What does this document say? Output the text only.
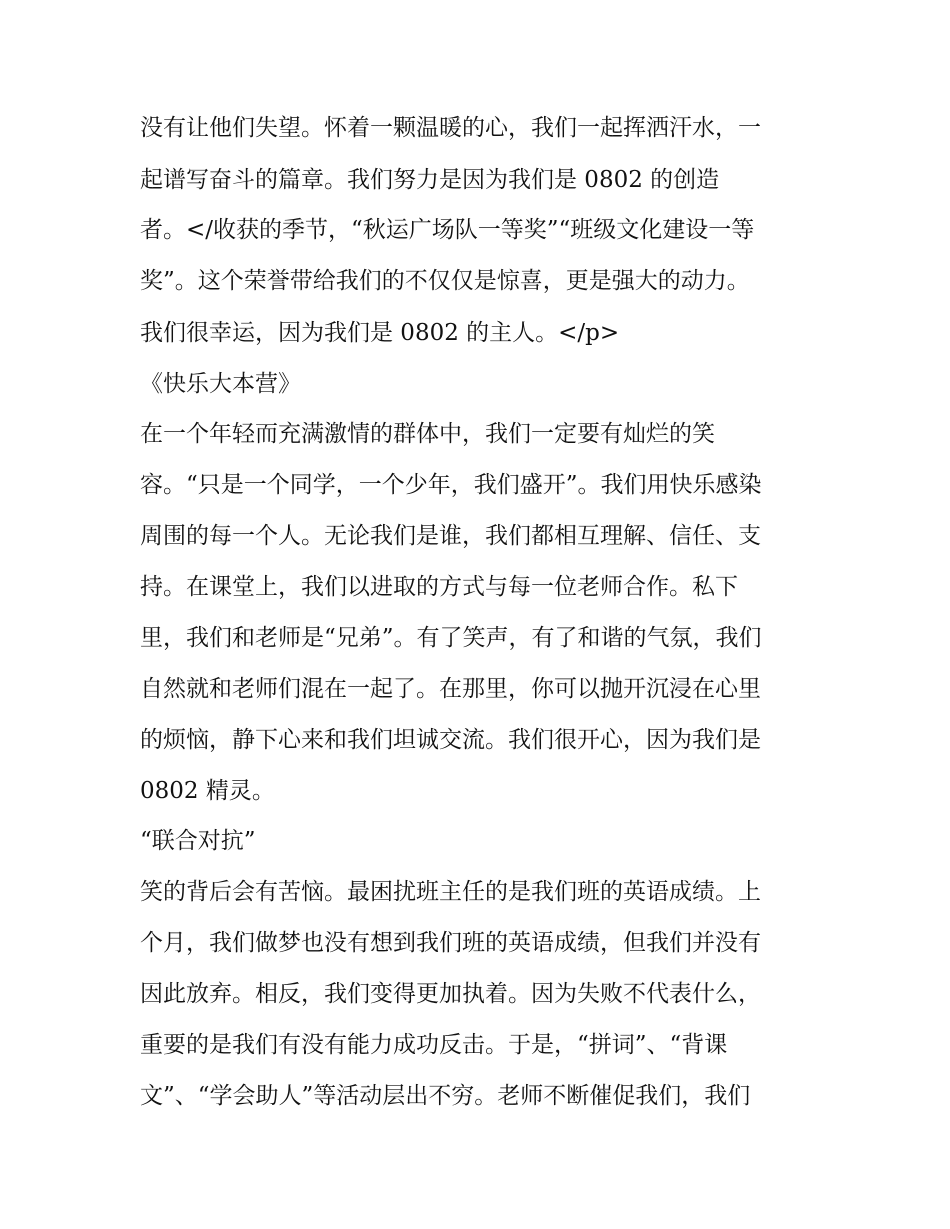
没有让他们失望。怀着一颗温暖的心，我们一起挥洒汗水，一

起谱写奋斗的篇章。我们努力是因为我们是 0802 的创造

者。</收获的季节，“秋运广场队一等奖”“班级文化建设一等

奖”。这个荣誉带给我们的不仅仅是惊喜，更是强大的动力。

我们很幸运，因为我们是 0802 的主人。</p>

《快乐大本营》

在一个年轻而充满激情的群体中，我们一定要有灿烂的笑

容。“只是一个同学，一个少年，我们盛开”。我们用快乐感染

周围的每一个人。无论我们是谁，我们都相互理解、信任、支

持。在课堂上，我们以进取的方式与每一位老师合作。私下

里，我们和老师是“兄弟”。有了笑声，有了和谐的气氛，我们

自然就和老师们混在一起了。在那里，你可以抛开沉浸在心里

的烦恼，静下心来和我们坦诚交流。我们很开心，因为我们是

0802 精灵。

“联合对抗”

笑的背后会有苦恼。最困扰班主任的是我们班的英语成绩。上

个月，我们做梦也没有想到我们班的英语成绩，但我们并没有

因此放弃。相反，我们变得更加执着。因为失败不代表什么，

重要的是我们有没有能力成功反击。于是，“拼词”、“背课

文”、“学会助人”等活动层出不穷。老师不断催促我们，我们
